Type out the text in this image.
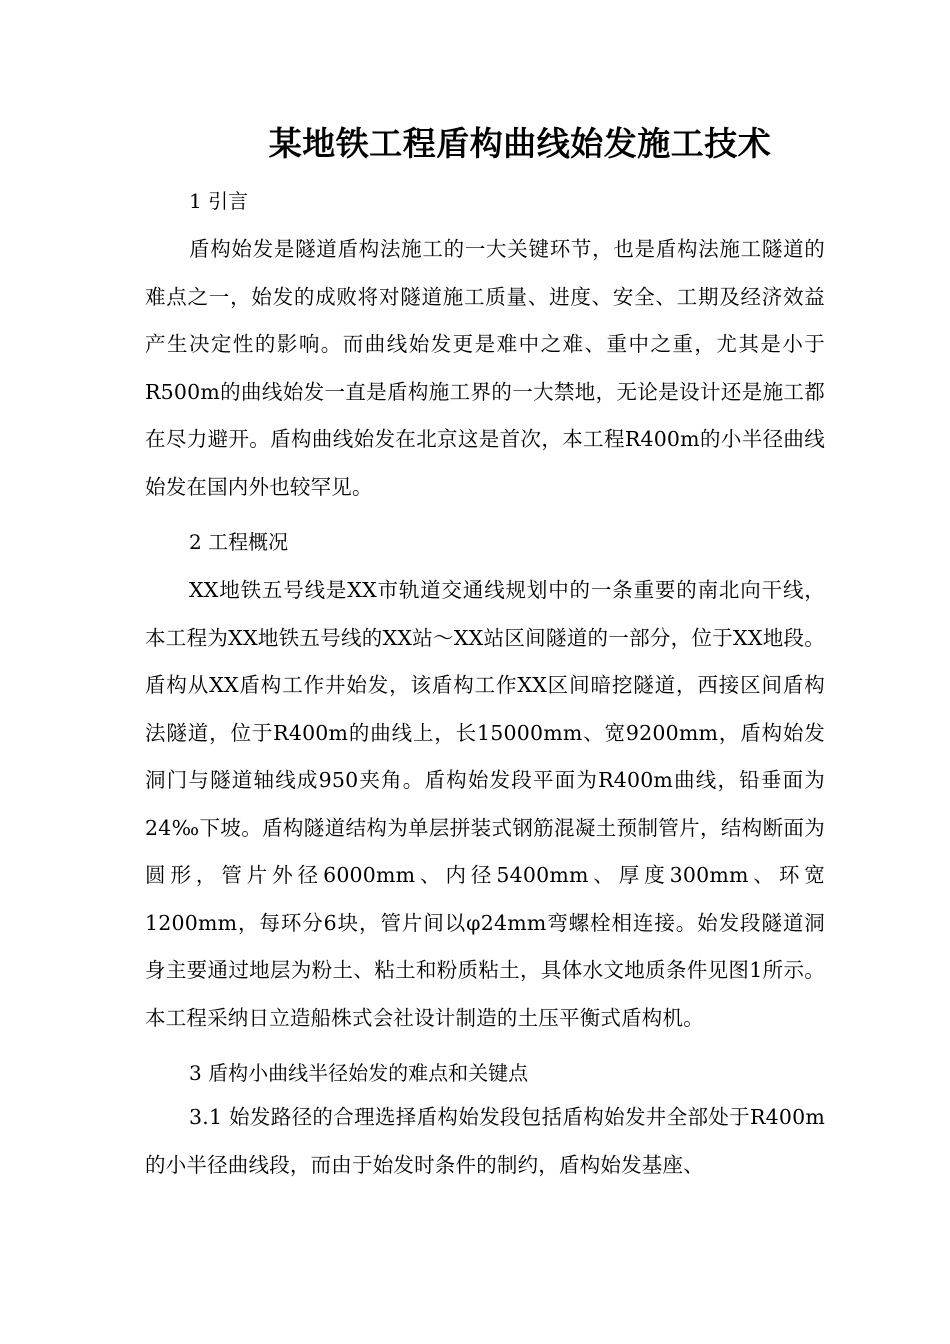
某地铁工程盾构曲线始发施工技术

1 引言

盾构始发是隧道盾构法施工的一大关键环节，也是盾构法施工隧道的难点之一，始发的成败将对隧道施工质量、进度、安全、工期及经济效益产生决定性的影响。而曲线始发更是难中之难、重中之重，尤其是小于R500m的曲线始发一直是盾构施工界的一大禁地，无论是设计还是施工都在尽力避开。盾构曲线始发在北京这是首次，本工程R400m的小半径曲线始发在国内外也较罕见。

2 工程概况

XX地铁五号线是XX市轨道交通线规划中的一条重要的南北向干线，本工程为XX地铁五号线的XX站～XX站区间隧道的一部分，位于XX地段。盾构从XX盾构工作井始发，该盾构工作XX区间暗挖隧道，西接区间盾构法隧道，位于R400m的曲线上，长15000mm、宽9200mm，盾构始发洞门与隧道轴线成950夹角。盾构始发段平面为R400m曲线，铅垂面为24‰下坡。盾构隧道结构为单层拼装式钢筋混凝土预制管片，结构断面为圆形，管片外径6000mm、内径5400mm、厚度300mm、环宽1200mm，每环分6块，管片间以φ24mm弯螺栓相连接。始发段隧道洞身主要通过地层为粉土、粘土和粉质粘土，具体水文地质条件见图1所示。本工程采纳日立造船株式会社设计制造的土压平衡式盾构机。

3 盾构小曲线半径始发的难点和关键点

3.1 始发路径的合理选择盾构始发段包括盾构始发井全部处于R400m的小半径曲线段，而由于始发时条件的制约，盾构始发基座、
